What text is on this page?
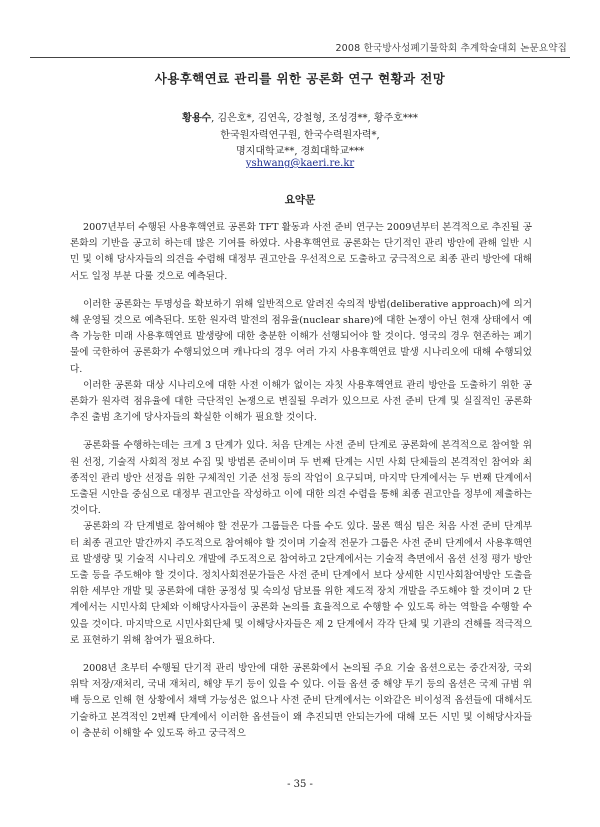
2008 한국방사성폐기물학회 추계학술대회 논문요약집
사용후핵연료 관리를 위한 공론화 연구 현황과 전망
황용수, 김은호*, 김연옥, 강철형, 조성경**, 황주호***
한국원자력연구원, 한국수력원자력*,
명지대학교**, 경희대학교***
yshwang@kaeri.re.kr
요약문

2007년부터 수행된 사용후핵연료 공론화 TFT 활동과 사전 준비 연구는 2009년부터 본격적으로 추진될 공론화의 기반을 공고히 하는데 많은 기여를 하였다. 사용후핵연료 공론화는 단기적인 관리 방안에 관해 일반 시민 및 이해 당사자들의 의견을 수렴해 대정부 권고안을 우선적으로 도출하고 궁극적으로 최종 관리 방안에 대해서도 일정 부분 다룰 것으로 예측된다.

이러한 공론화는 투명성을 확보하기 위해 일반적으로 알려진 숙의적 방법(deliberative approach)에 의거해 운영될 것으로 예측된다. 또한 원자력 발전의 점유율(nuclear share)에 대한 논쟁이 아닌 현재 상태에서 예측 가능한 미래 사용후핵연료 발생량에 대한 충분한 이해가 선행되어야 할 것이다. 영국의 경우 현존하는 폐기물에 국한하여 공론화가 수행되었으며 캐나다의 경우 여러 가지 사용후핵연료 발생 시나리오에 대해 수행되었다.

이러한 공론화 대상 시나리오에 대한 사전 이해가 없이는 자칫 사용후핵연료 관리 방안을 도출하기 위한 공론화가 원자력 점유율에 대한 극단적인 논쟁으로 변질될 우려가 있으므로 사전 준비 단계 및 실질적인 공론화 추진 출범 초기에 당사자들의 확실한 이해가 필요할 것이다.

공론화를 수행하는데는 크게 3 단계가 있다. 처음 단계는 사전 준비 단계로 공론화에 본격적으로 참여할 위원 선정, 기술적 사회적 정보 수집 및 방법론 준비이며 두 번째 단계는 시민 사회 단체들의 본격적인 참여와 최종적인 관리 방안 선정을 위한 구체적인 기준 선정 등의 작업이 요구되며, 마지막 단계에서는 두 번째 단계에서 도출된 시안을 중심으로 대정부 권고안을 작성하고 이에 대한 의견 수렴을 통해 최종 권고안을 정부에 제출하는 것이다.

공론화의 각 단계별로 참여해야 할 전문가 그룹들은 다를 수도 있다. 물론 핵심 팀은 처음 사전 준비 단계부터 최종 권고안 발간까지 주도적으로 참여해야 할 것이며 기술적 전문가 그룹은 사전 준비 단계에서 사용후핵연료 발생량 및 기술적 시나리오 개발에 주도적으로 참여하고 2단계에서는 기술적 측면에서 옵션 선정 평가 방안 도출 등을 주도해야 할 것이다. 정치사회전문가들은 사전 준비 단계에서 보다 상세한 시민사회참여방안 도출을 위한 세부안 개발 및 공론화에 대한 공정성 및 숙의성 담보를 위한 제도적 장치 개발을 주도해야 할 것이며 2 단계에서는 시민사회 단체와 이해당사자들이 공론화 논의를 효율적으로 수행할 수 있도록 하는 역할을 수행할 수 있을 것이다. 마지막으로 시민사회단체 및 이해당사자들은 제 2 단계에서 각각 단체 및 기관의 견해를 적극적으로 표현하기 위해 참여가 필요하다.

2008년 초부터 수행될 단기적 관리 방안에 대한 공론화에서 논의될 주요 기술 옵션으로는 중간저장, 국외 위탁 저장/재처리, 국내 재처리, 해양 투기 등이 있을 수 있다. 이들 옵션 중 해양 투기 등의 옵션은 국제 규범 위배 등으로 인해 현 상황에서 채택 가능성은 없으나 사전 준비 단계에서는 이와같은 비이성적 옵션들에 대해서도 기술하고 본격적인 2번째 단계에서 이러한 옵션들이 왜 추진되면 안되는가에 대해 모든 시민 및 이해당사자들이 충분히 이해할 수 있도록 하고 궁극적으

- 35 -
